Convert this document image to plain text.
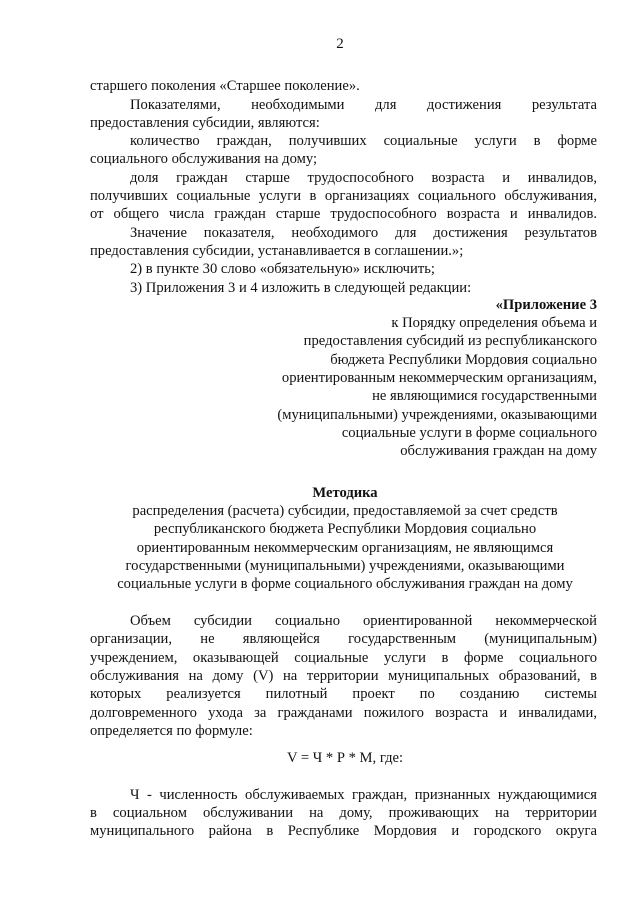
2
старшего поколения «Старшее поколение».
Показателями, необходимыми для достижения результата
предоставления субсидии, являются:
количество граждан, получивших социальные услуги в форме
социального обслуживания на дому;
доля граждан старше трудоспособного возраста и инвалидов,
получивших социальные услуги в организациях социального обслуживания,
от общего числа граждан старше трудоспособного возраста и инвалидов.
Значение показателя, необходимого для достижения результатов
предоставления субсидии, устанавливается в соглашении.»;
2) в пункте 30 слово «обязательную» исключить;
3) Приложения 3 и 4 изложить в следующей редакции:
«Приложение 3
к Порядку определения объема и
предоставления субсидий из республиканского
бюджета Республики Мордовия социально
ориентированным некоммерческим организациям,
не являющимися государственными
(муниципальными) учреждениями, оказывающими
социальные услуги в форме социального
обслуживания граждан на дому
Методика
распределения (расчета) субсидии, предоставляемой за счет средств
республиканского бюджета Республики Мордовия социально
ориентированным некоммерческим организациям, не являющимся
государственными (муниципальными) учреждениями, оказывающими
социальные услуги в форме социального обслуживания граждан на дому
Объем субсидии социально ориентированной некоммерческой
организации, не являющейся государственным (муниципальным)
учреждением, оказывающей социальные услуги в форме социального
обслуживания на дому (V) на территории муниципальных образований, в
которых реализуется пилотный проект по созданию системы
долговременного ухода за гражданами пожилого возраста и инвалидами,
определяется по формуле:
V = Ч * Р * М, где:
Ч - численность обслуживаемых граждан, признанных нуждающимися
в социальном обслуживании на дому, проживающих на территории
муниципального района в Республике Мордовия и городского округа
